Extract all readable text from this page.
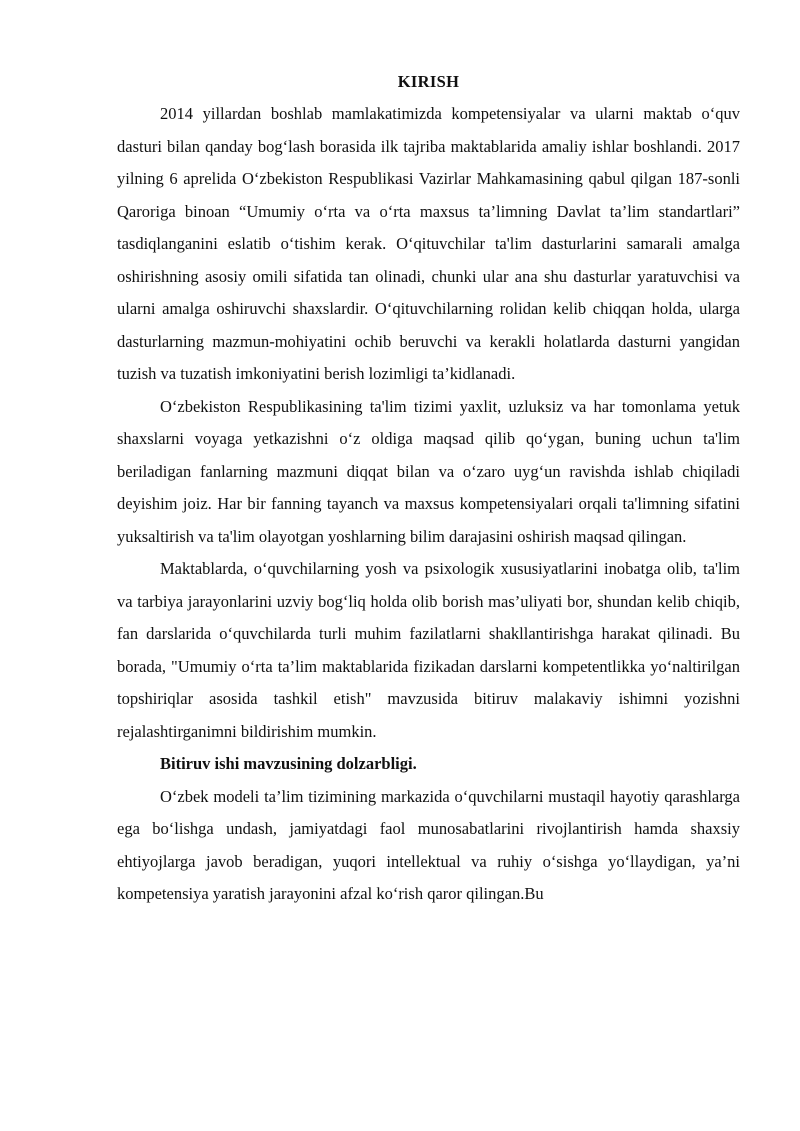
KIRISH

2014 yillardan boshlab mamlakatimizda kompetensiyalar va ularni maktab o‘quv dasturi bilan qanday bog‘lash borasida ilk tajriba maktablarida amaliy ishlar boshlandi. 2017 yilning 6 aprelida O‘zbekiston Respublikasi Vazirlar Mahkamasining qabul qilgan 187-sonli Qaroriga binoan “Umumiy o‘rta va o‘rta maxsus ta’limning Davlat ta’lim standartlari” tasdiqlanganini eslatib o‘tishim kerak. O‘qituvchilar ta'lim dasturlarini samarali amalga oshirishning asosiy omili sifatida tan olinadi, chunki ular ana shu dasturlar yaratuvchisi va ularni amalga oshiruvchi shaxslardir. O‘qituvchilarning rolidan kelib chiqqan holda, ularga dasturlarning mazmun-mohiyatini ochib beruvchi va kerakli holatlarda dasturni yangidan tuzish va tuzatish imkoniyatini berish lozimligi ta’kidlanadi.

O‘zbekiston Respublikasining ta'lim tizimi yaxlit, uzluksiz va har tomonlama yetuk shaxslarni voyaga yetkazishni o‘z oldiga maqsad qilib qo‘ygan, buning uchun ta'lim beriladigan fanlarning mazmuni diqqat bilan va o‘zaro uyg‘un ravishda ishlab chiqiladi deyishim joiz. Har bir fanning tayanch va maxsus kompetensiyalari orqali ta'limning sifatini yuksaltirish va ta'lim olayotgan yoshlarning bilim darajasini oshirish maqsad qilingan.

Maktablarda, o‘quvchilarning yosh va psixologik xususiyatlarini inobatga olib, ta'lim va tarbiya jarayonlarini uzviy bog‘liq holda olib borish mas’uliyati bor, shundan kelib chiqib, fan darslarida o‘quvchilarda turli muhim fazilatlarni shakllantirishga harakat qilinadi. Bu borada, "Umumiy o‘rta ta’lim maktablarida fizikadan darslarni kompetentlikka yo‘naltirilgan topshiriqlar asosida tashkil etish" mavzusida bitiruv malakaviy ishimni yozishni rejalashtirganimni bildirishim mumkin.

Bitiruv ishi mavzusining dolzarbligi.

O‘zbek modeli ta’lim tizimining markazida o‘quvchilarni mustaqil hayotiy qarashlarga ega bo‘lishga undash, jamiyatdagi faol munosabatlarini rivojlantirish hamda shaxsiy ehtiyojlarga javob beradigan, yuqori intellektual va ruhiy o‘sishga yo‘llaydigan, ya’ni kompetensiya yaratish jarayonini afzal ko‘rish qaror qilingan.Bu
